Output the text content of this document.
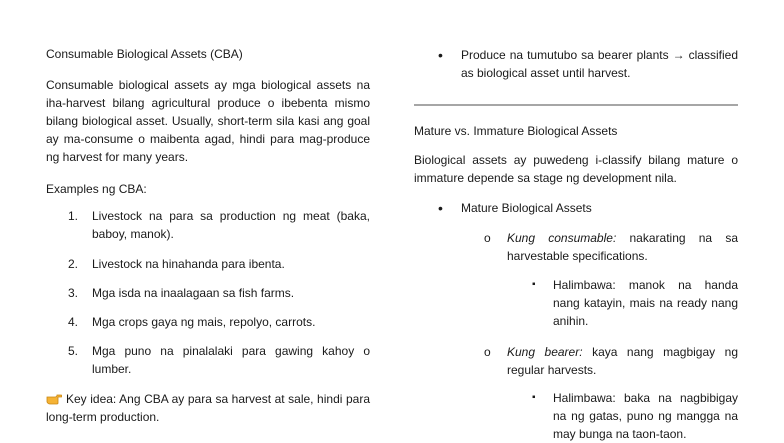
Consumable Biological Assets (CBA)

Consumable biological assets ay mga biological assets na iha-harvest bilang agricultural produce o ibebenta mismo bilang biological asset. Usually, short-term sila kasi ang goal ay ma-consume o maibenta agad, hindi para mag-produce ng harvest for many years.

Examples ng CBA:

1. Livestock na para sa production ng meat (baka, baboy, manok).
2. Livestock na hinahanda para ibenta.
3. Mga isda na inaalagaan sa fish farms.
4. Mga crops gaya ng mais, repolyo, carrots.
5. Mga puno na pinalalaki para gawing kahoy o lumber.

Key idea: Ang CBA ay para sa harvest at sale, hindi para long-term production.

• Produce na tumutubo sa bearer plants → classified as biological asset until harvest.

Mature vs. Immature Biological Assets

Biological assets ay puwedeng i-classify bilang mature o immature depende sa stage ng development nila.

• Mature Biological Assets

o Kung consumable: nakarating na sa harvestable specifications.

▪ Halimbawa: manok na handa nang katayin, mais na ready nang anihin.

o Kung bearer: kaya nang magbigay ng regular harvests.

▪ Halimbawa: baka na nagbibigay na ng gatas, puno ng mangga na may bunga na taon-taon.
